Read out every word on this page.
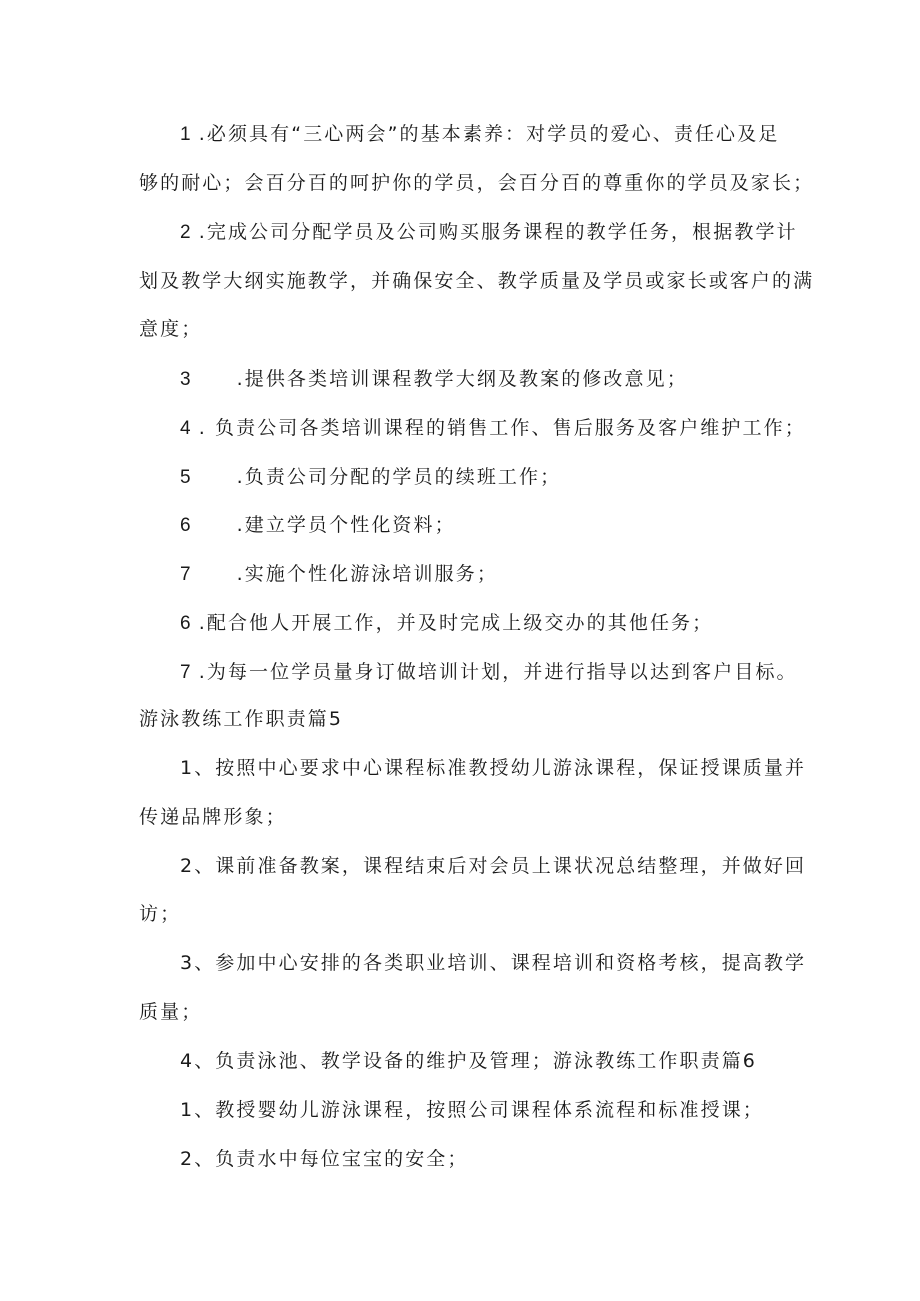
1 .必须具有“三心两会”的基本素养：对学员的爱心、责任心及足
够的耐心；会百分百的呵护你的学员，会百分百的尊重你的学员及家长；
2 .完成公司分配学员及公司购买服务课程的教学任务，根据教学计
划及教学大纲实施教学，并确保安全、教学质量及学员或家长或客户的满
意度；
3 .提供各类培训课程教学大纲及教案的修改意见；
4 . 负责公司各类培训课程的销售工作、售后服务及客户维护工作；
5 .负责公司分配的学员的续班工作；
6 .建立学员个性化资料；
7 .实施个性化游泳培训服务；
6 .配合他人开展工作，并及时完成上级交办的其他任务；
7 .为每一位学员量身订做培训计划，并进行指导以达到客户目标。
游泳教练工作职责篇5
1、按照中心要求中心课程标准教授幼儿游泳课程，保证授课质量并
传递品牌形象；
2、课前准备教案，课程结束后对会员上课状况总结整理，并做好回
访；
3、参加中心安排的各类职业培训、课程培训和资格考核，提高教学
质量；
4、负责泳池、教学设备的维护及管理；游泳教练工作职责篇6
1、教授婴幼儿游泳课程，按照公司课程体系流程和标准授课；
2、负责水中每位宝宝的安全；
